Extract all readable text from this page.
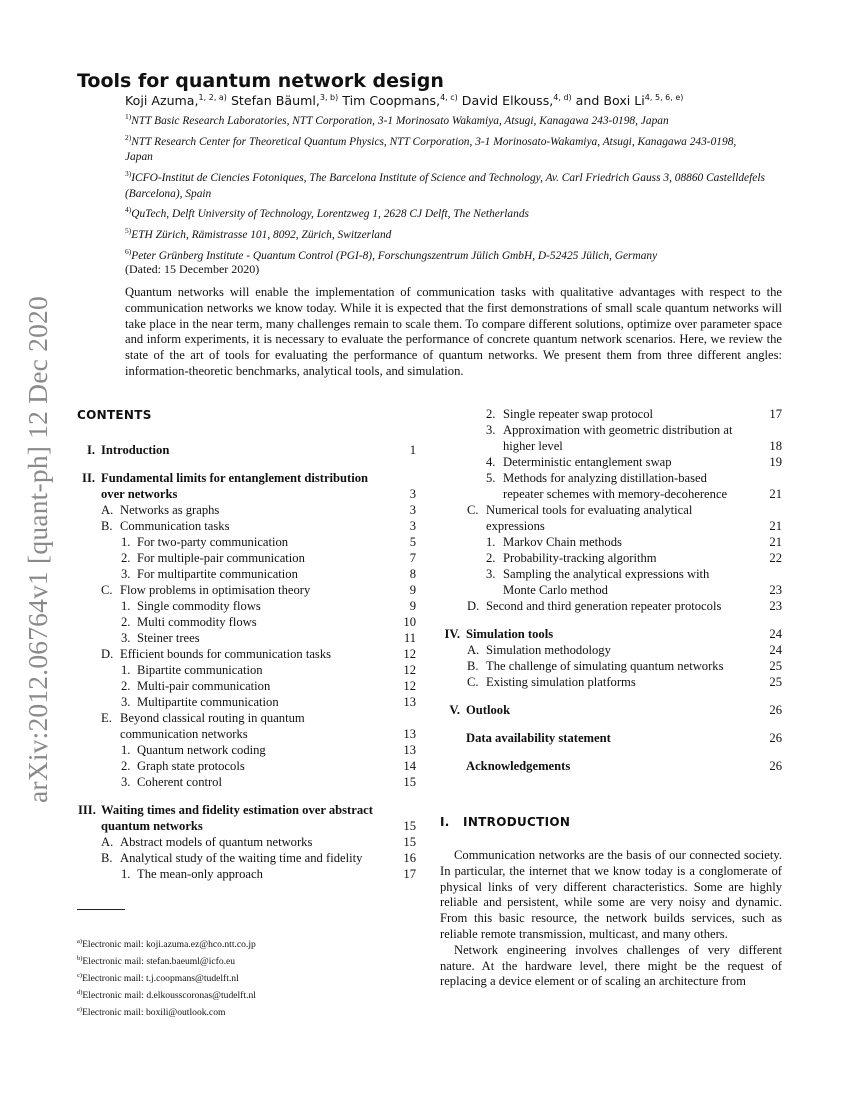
arXiv:2012.06764v1 [quant-ph] 12 Dec 2020
Tools for quantum network design
Koji Azuma,$^{1, 2, a)}$ Stefan Bäuml,$^{3, b)}$ Tim Coopmans,$^{4, c)}$ David Elkouss,$^{4, d)}$ and Boxi Li$^{4, 5, 6, e)}$
$^{1)}$NTT Basic Research Laboratories, NTT Corporation, 3-1 Morinosato Wakamiya, Atsugi, Kanagawa 243-0198, Japan
$^{2)}$NTT Research Center for Theoretical Quantum Physics, NTT Corporation, 3-1 Morinosato-Wakamiya, Atsugi, Kanagawa 243-0198, Japan
$^{3)}$ICFO-Institut de Ciencies Fotoniques, The Barcelona Institute of Science and Technology, Av. Carl Friedrich Gauss 3, 08860 Castelldefels (Barcelona), Spain
$^{4)}$QuTech, Delft University of Technology, Lorentzweg 1, 2628 CJ Delft, The Netherlands
$^{5)}$ETH Zürich, Rämistrasse 101, 8092, Zürich, Switzerland
$^{6)}$Peter Grünberg Institute - Quantum Control (PGI-8), Forschungszentrum Jülich GmbH, D-52425 Jülich, Germany
(Dated: 15 December 2020)
Quantum networks will enable the implementation of communication tasks with qualitative advantages with respect to the communication networks we know today. While it is expected that the first demonstrations of small scale quantum networks will take place in the near term, many challenges remain to scale them. To compare different solutions, optimize over parameter space and inform experiments, it is necessary to evaluate the performance of concrete quantum network scenarios. Here, we review the state of the art of tools for evaluating the performance of quantum networks. We present them from three different angles: information-theoretic benchmarks, analytical tools, and simulation.
CONTENTS
I. Introduction	1
II. Fundamental limits for entanglement distribution
over networks	3
A. Networks as graphs	3
B. Communication tasks	3
1. For two-party communication	5
2. For multiple-pair communication	7
3. For multipartite communication	8
C. Flow problems in optimisation theory	9
1. Single commodity flows	9
2. Multi commodity flows	10
3. Steiner trees	11
D. Efficient bounds for communication tasks	12
1. Bipartite communication	12
2. Multi-pair communication	12
3. Multipartite communication	13
E. Beyond classical routing in quantum
communication networks	13
1. Quantum network coding	13
2. Graph state protocols	14
3. Coherent control	15
III. Waiting times and fidelity estimation over abstract
quantum networks	15
A. Abstract models of quantum networks	15
B. Analytical study of the waiting time and fidelity	16
1. The mean-only approach	17
2. Single repeater swap protocol	17
3. Approximation with geometric distribution at
higher level	18
4. Deterministic entanglement swap	19
5. Methods for analyzing distillation-based
repeater schemes with memory-decoherence	21
C. Numerical tools for evaluating analytical
expressions	21
1. Markov Chain methods	21
2. Probability-tracking algorithm	22
3. Sampling the analytical expressions with
Monte Carlo method	23
D. Second and third generation repeater protocols	23
IV. Simulation tools	24
A. Simulation methodology	24
B. The challenge of simulating quantum networks	25
C. Existing simulation platforms	25
V. Outlook	26
Data availability statement	26
Acknowledgements	26
$^{a)}$Electronic mail: koji.azuma.ez@hco.ntt.co.jp
$^{b)}$Electronic mail: stefan.baeuml@icfo.eu
$^{c)}$Electronic mail: t.j.coopmans@tudelft.nl
$^{d)}$Electronic mail: d.elkousscoronas@tudelft.nl
$^{e)}$Electronic mail: boxili@outlook.com
I.   INTRODUCTION

Communication networks are the basis of our connected society. In particular, the internet that we know today is a conglomerate of physical links of very different characteristics. Some are highly reliable and persistent, while some are very noisy and dynamic. From this basic resource, the network builds services, such as reliable remote transmission, multicast, and many others.

Network engineering involves challenges of very different nature. At the hardware level, there might be the request of replacing a device element or of scaling an architecture from
